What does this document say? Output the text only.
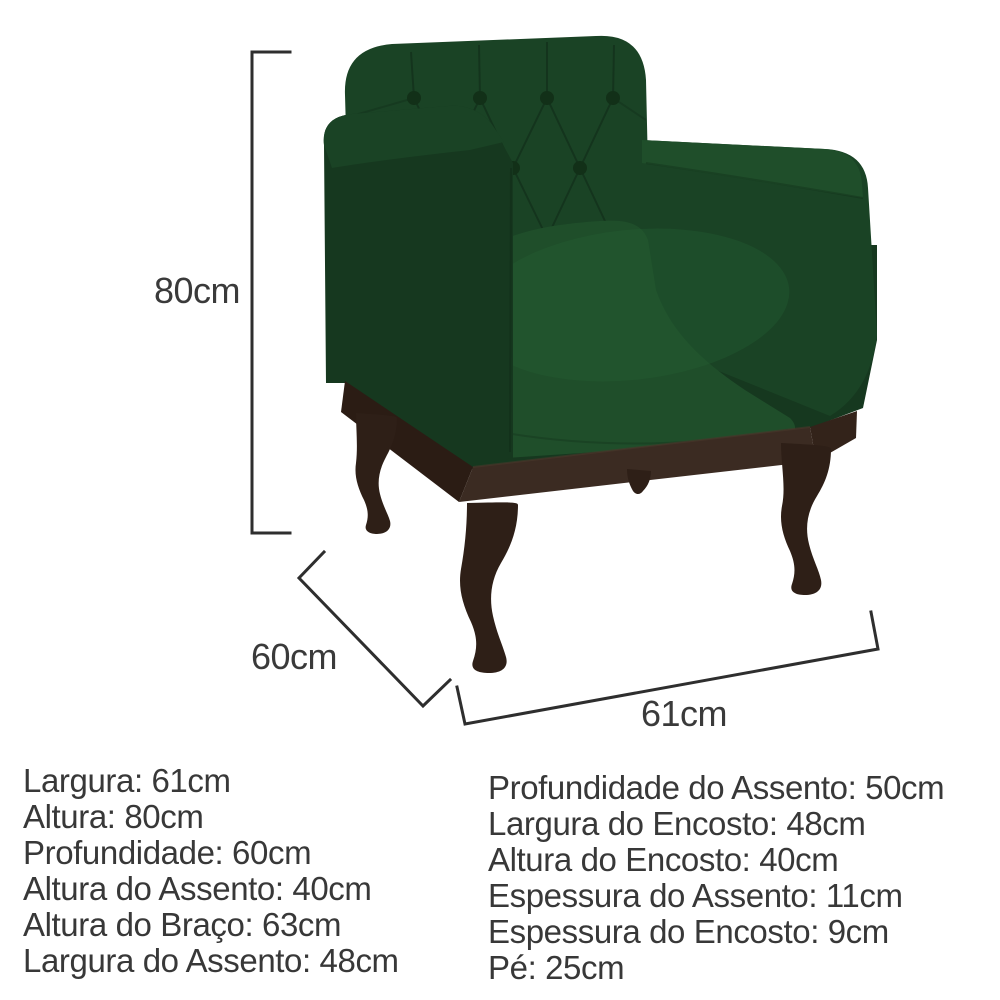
80cm
60cm
61cm
Largura: 61cm
Altura: 80cm
Profundidade: 60cm
Altura do Assento: 40cm
Altura do Braço: 63cm
Largura do Assento: 48cm
Profundidade do Assento: 50cm
Largura do Encosto: 48cm
Altura do Encosto: 40cm
Espessura do Assento: 11cm
Espessura do Encosto: 9cm
Pé: 25cm
